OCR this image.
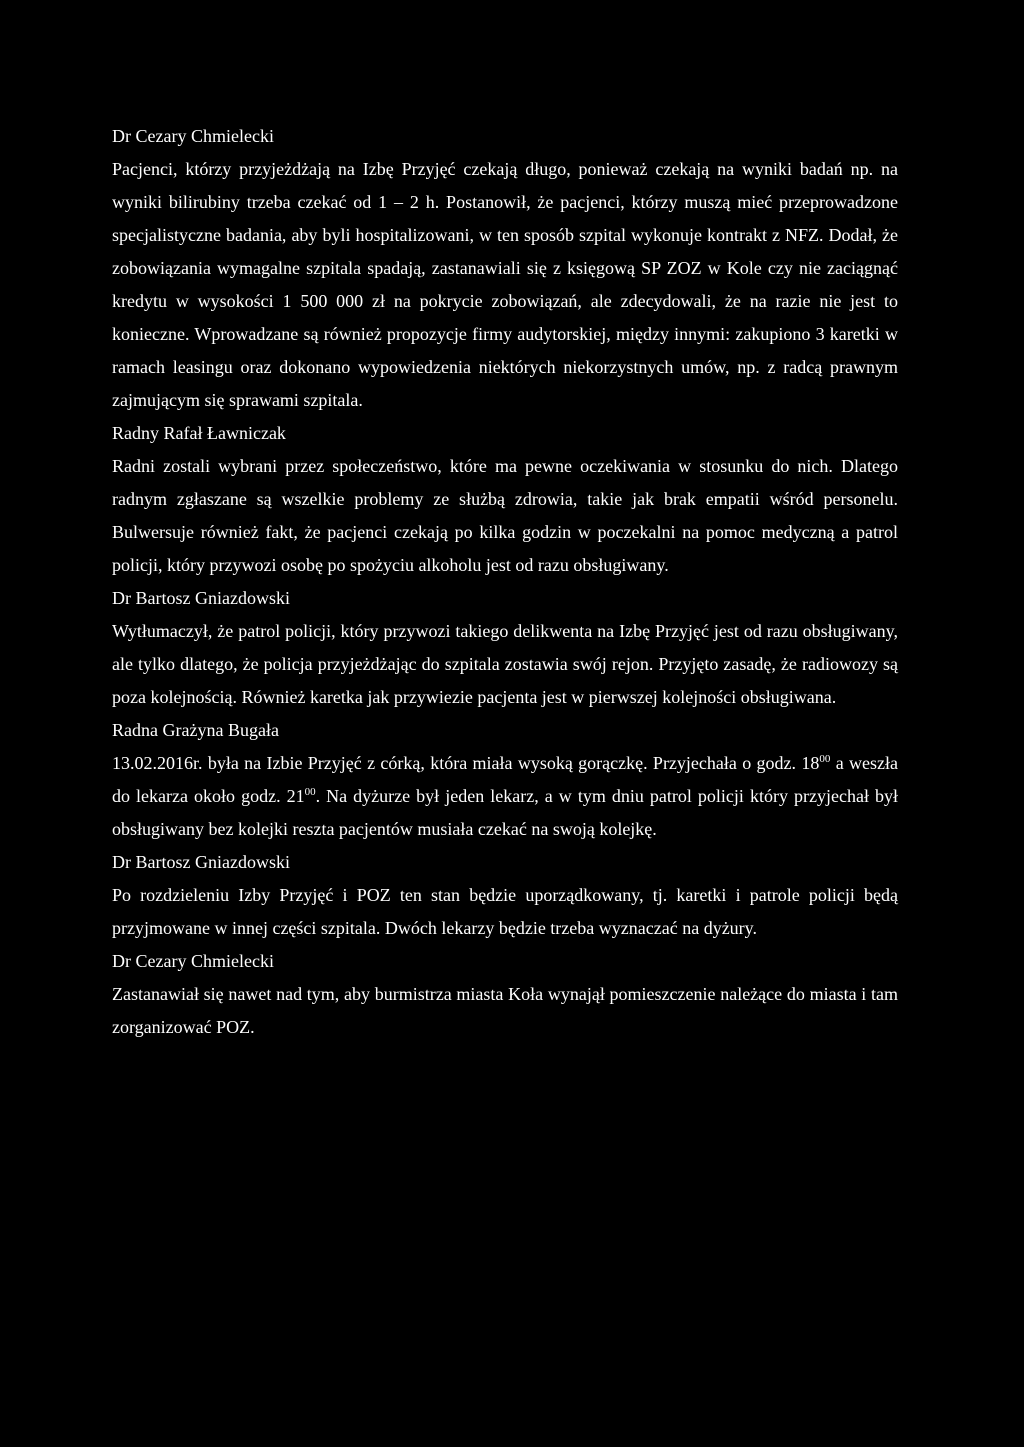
Dr Cezary Chmielecki

Pacjenci, którzy przyjeżdżają na Izbę Przyjęć czekają długo, ponieważ czekają na wyniki badań np. na wyniki bilirubiny trzeba czekać od 1 – 2 h. Postanowił, że pacjenci, którzy muszą mieć przeprowadzone specjalistyczne badania, aby byli hospitalizowani, w ten sposób szpital wykonuje kontrakt z NFZ. Dodał, że zobowiązania wymagalne szpitala spadają, zastanawiali się z księgową SP ZOZ w Kole czy nie zaciągnąć kredytu w wysokości 1 500 000 zł na pokrycie zobowiązań, ale zdecydowali, że na razie nie jest to konieczne. Wprowadzane są również propozycje firmy audytorskiej, między innymi: zakupiono 3 karetki w ramach leasingu oraz dokonano wypowiedzenia niektórych niekorzystnych umów, np. z radcą prawnym zajmującym się sprawami szpitala.

Radny Rafał Ławniczak

Radni zostali wybrani przez społeczeństwo, które ma pewne oczekiwania w stosunku do nich. Dlatego radnym zgłaszane są wszelkie problemy ze służbą zdrowia, takie jak brak empatii wśród personelu. Bulwersuje również fakt, że pacjenci czekają po kilka godzin w poczekalni na pomoc medyczną a patrol policji, który przywozi osobę po spożyciu alkoholu jest od razu obsługiwany.

Dr Bartosz Gniazdowski

Wytłumaczył, że patrol policji, który przywozi takiego delikwenta na Izbę Przyjęć jest od razu obsługiwany, ale tylko dlatego, że policja przyjeżdżając do szpitala zostawia swój rejon. Przyjęto zasadę, że radiowozy są poza kolejnością. Również karetka jak przywiezie pacjenta jest w pierwszej kolejności obsługiwana.

Radna Grażyna Bugała

13.02.2016r. była na Izbie Przyjęć z córką, która miała wysoką gorączkę. Przyjechała o godz. $18^{00}$ a weszła do lekarza około godz. $21^{00}$. Na dyżurze był jeden lekarz, a w tym dniu patrol policji który przyjechał był obsługiwany bez kolejki reszta pacjentów musiała czekać na swoją kolejkę.

Dr Bartosz Gniazdowski

Po rozdzieleniu Izby Przyjęć i POZ ten stan będzie uporządkowany, tj. karetki i patrole policji będą przyjmowane w innej części szpitala. Dwóch lekarzy będzie trzeba wyznaczać na dyżury.

Dr Cezary Chmielecki

Zastanawiał się nawet nad tym, aby burmistrza miasta Koła wynajął pomieszczenie należące do miasta i tam zorganizować POZ.
